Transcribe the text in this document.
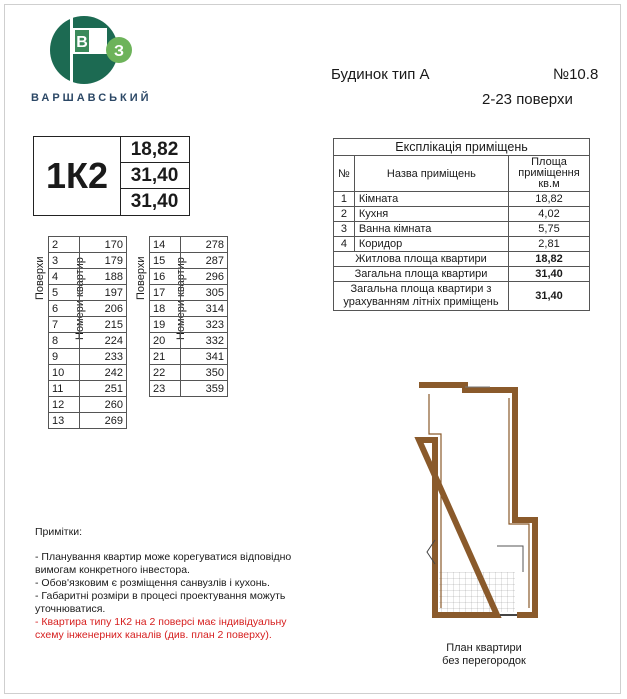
В
З
ВАРШАВСЬКИЙ
Будинок тип А	№10.8
2-23 поверхи
1К2
18,82
31,40
31,40
Поверхи	Номери квартир
2	170
3	179
4	188
5	197
6	206
7	215
8	224
9	233
10	242
11	251
12	260
13	269
Поверхи	Номери квартир
14	278
15	287
16	296
17	305
18	314
19	323
20	332
21	341
22	350
23	359
Експлікація приміщень		
№	Назва приміщень	Площа приміщення кв.м
1	Кімната	18,82
2	Кухня	4,02
3	Ванна кімната	5,75
4	Коридор	2,81
Житлова площа квартири		18,82
Загальна площа квартири		31,40
Загальна площа квартири з урахуванням літніх приміщень		31,40
План квартири
без перегородок
Примітки:
- Планування квартир може корегуватися відповідно вимогам конкретного інвестора.
- Обов'язковим є розміщення санвузлів і кухонь.
- Габаритні розміри в процесі проектування можуть уточнюватися.
- Квартира типу 1К2 на 2 поверсі має індивідуальну схему інженерних каналів (див. план 2 поверху).
